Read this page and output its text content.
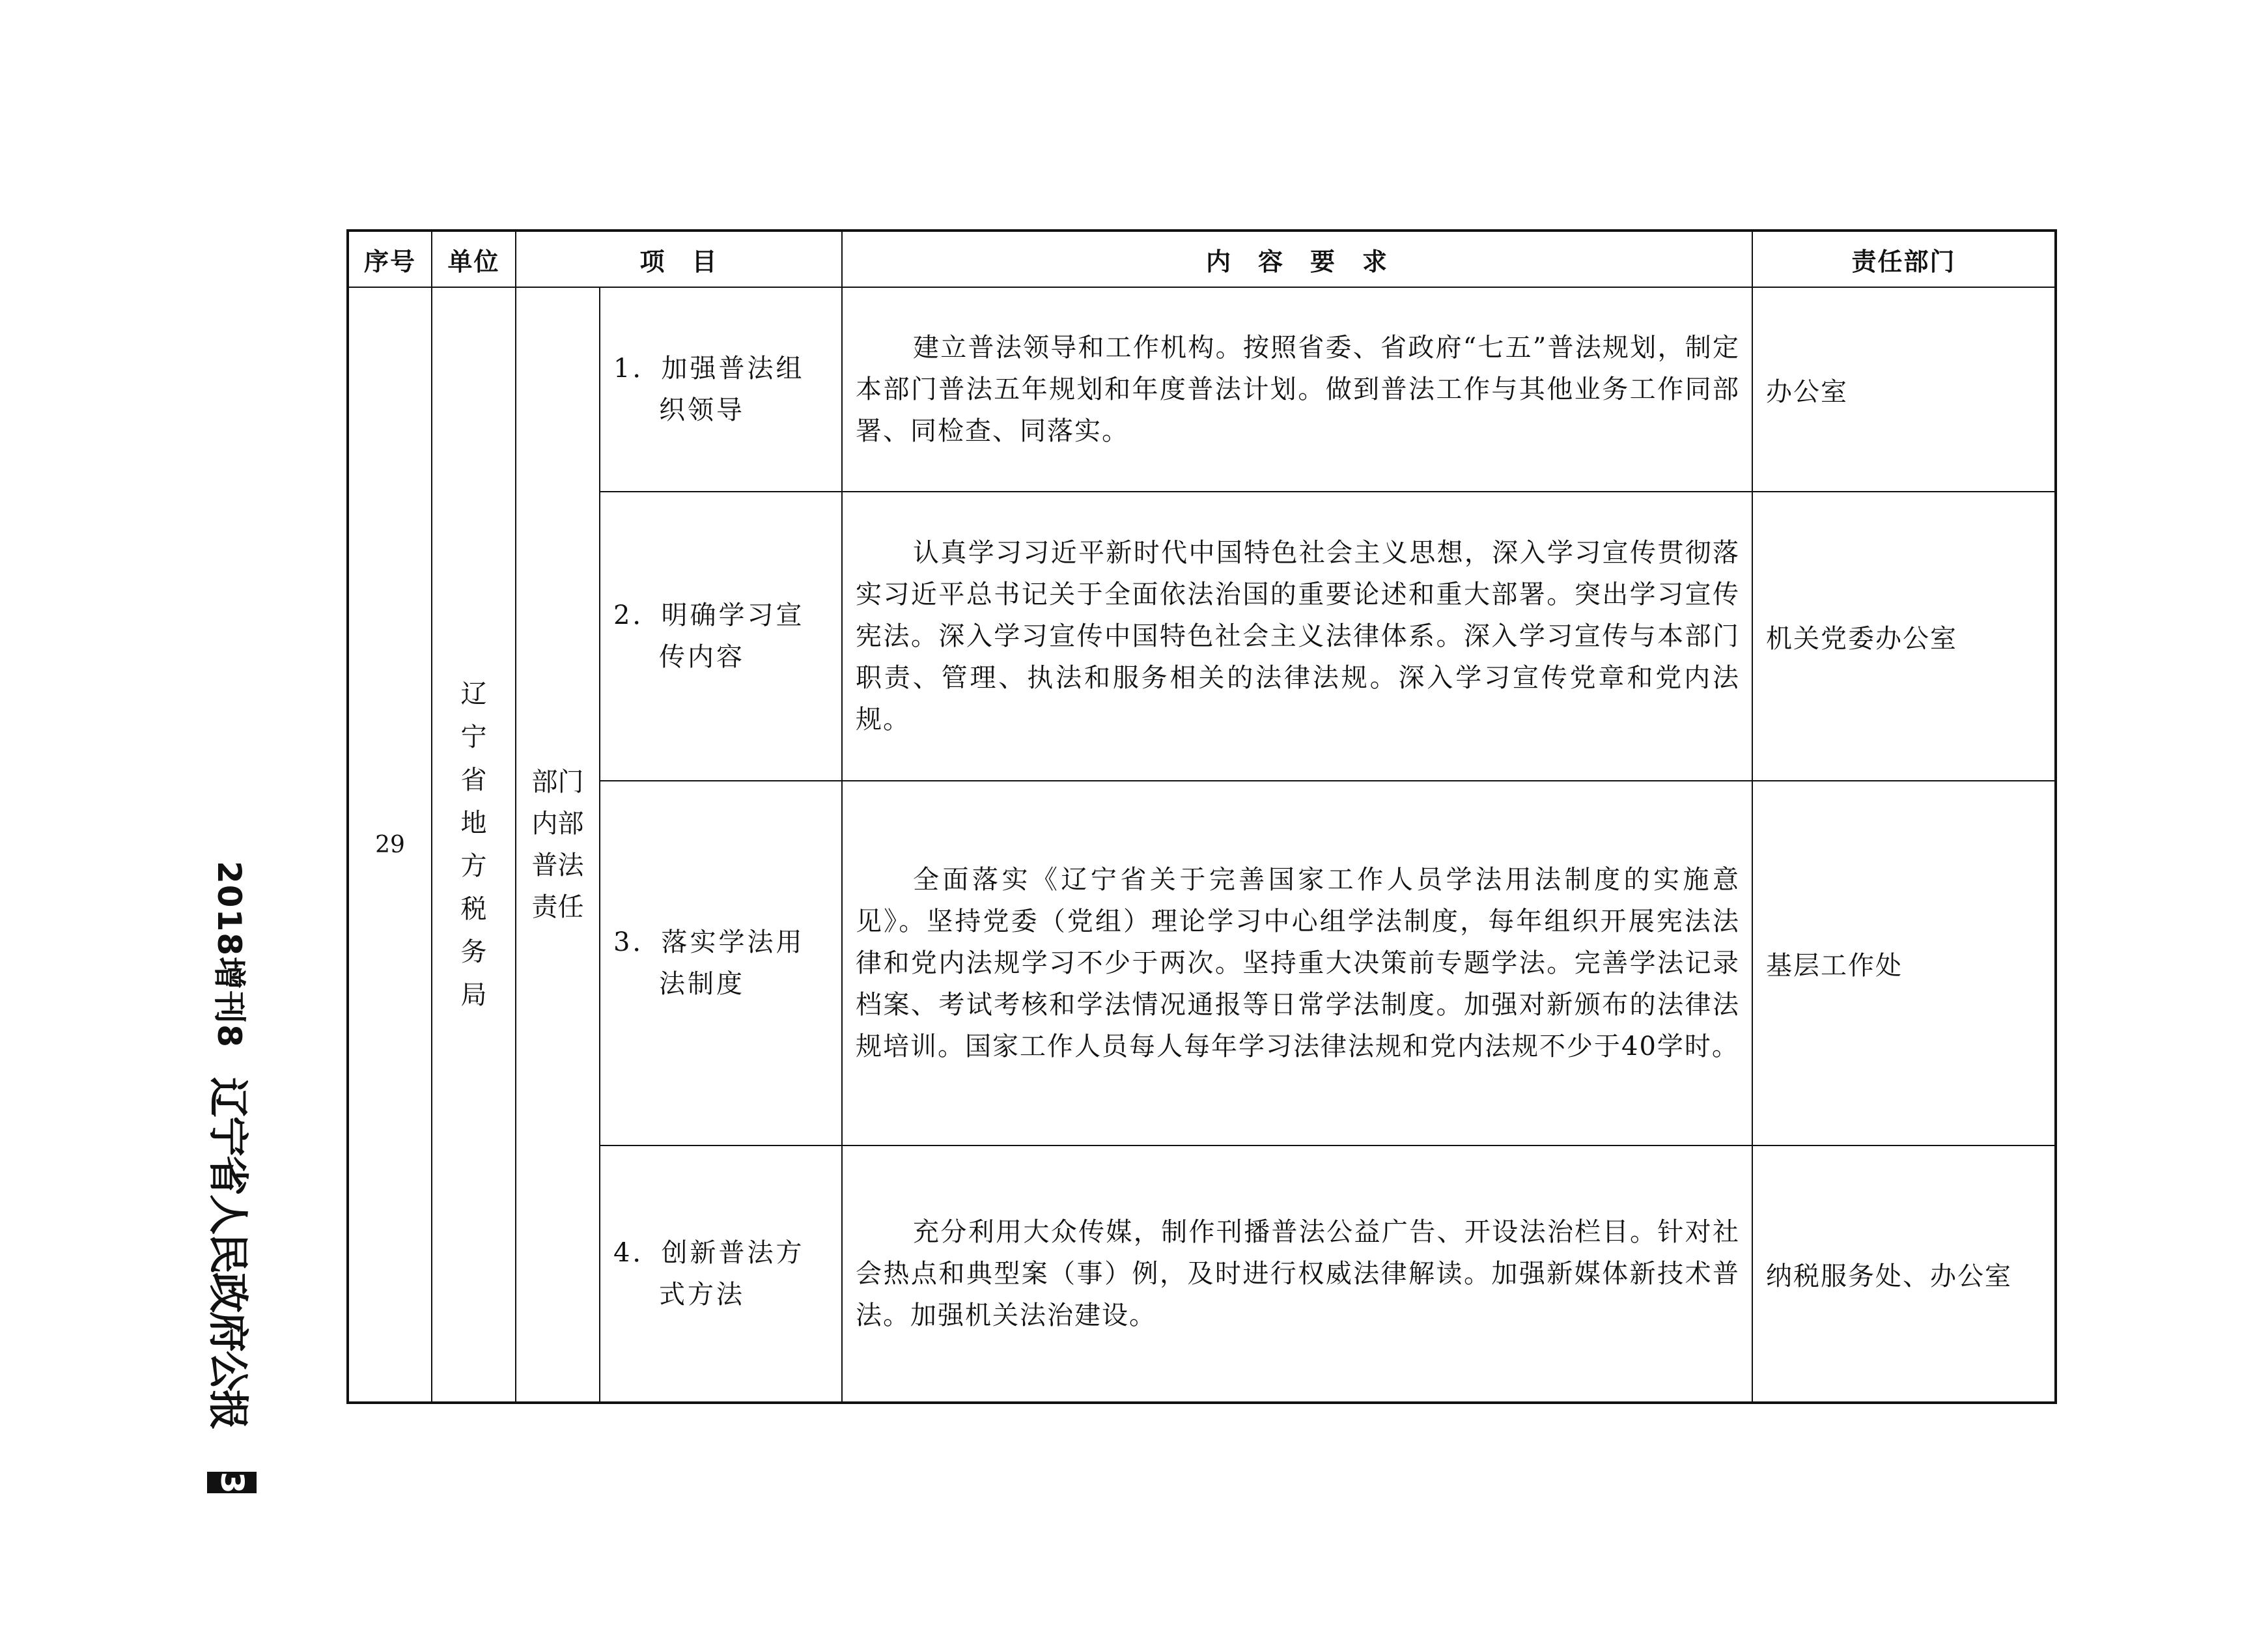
序号	单位	项　目		内　容　要　求	责任部门
29	辽宁省地方税务局	部门内部普法责任	1．加强普法组织领导	建立普法领导和工作机构。按照省委、省政府“七五”普法规划，制定本部门普法五年规划和年度普法计划。做到普法工作与其他业务工作同部署、同检查、同落实。	办公室

			2．明确学习宣传内容	认真学习习近平新时代中国特色社会主义思想，深入学习宣传贯彻落实习近平总书记关于全面依法治国的重要论述和重大部署。突出学习宣传宪法。深入学习宣传中国特色社会主义法律体系。深入学习宣传与本部门职责、管理、执法和服务相关的法律法规。深入学习宣传党章和党内法规。	机关党委办公室

			3．落实学法用法制度	全面落实《辽宁省关于完善国家工作人员学法用法制度的实施意见》。坚持党委（党组）理论学习中心组学法制度，每年组织开展宪法法律和党内法规学习不少于两次。坚持重大决策前专题学法。完善学法记录档案、考试考核和学法情况通报等日常学法制度。加强对新颁布的法律法规培训。国家工作人员每人每年学习法律法规和党内法规不少于40学时。	基层工作处

			4．创新普法方式方法	充分利用大众传媒，制作刊播普法公益广告、开设法治栏目。针对社会热点和典型案（事）例，及时进行权威法律解读。加强新媒体新技术普法。加强机关法治建设。	纳税服务处、办公室
2018增刊8
辽宁省人民政府公报
3
